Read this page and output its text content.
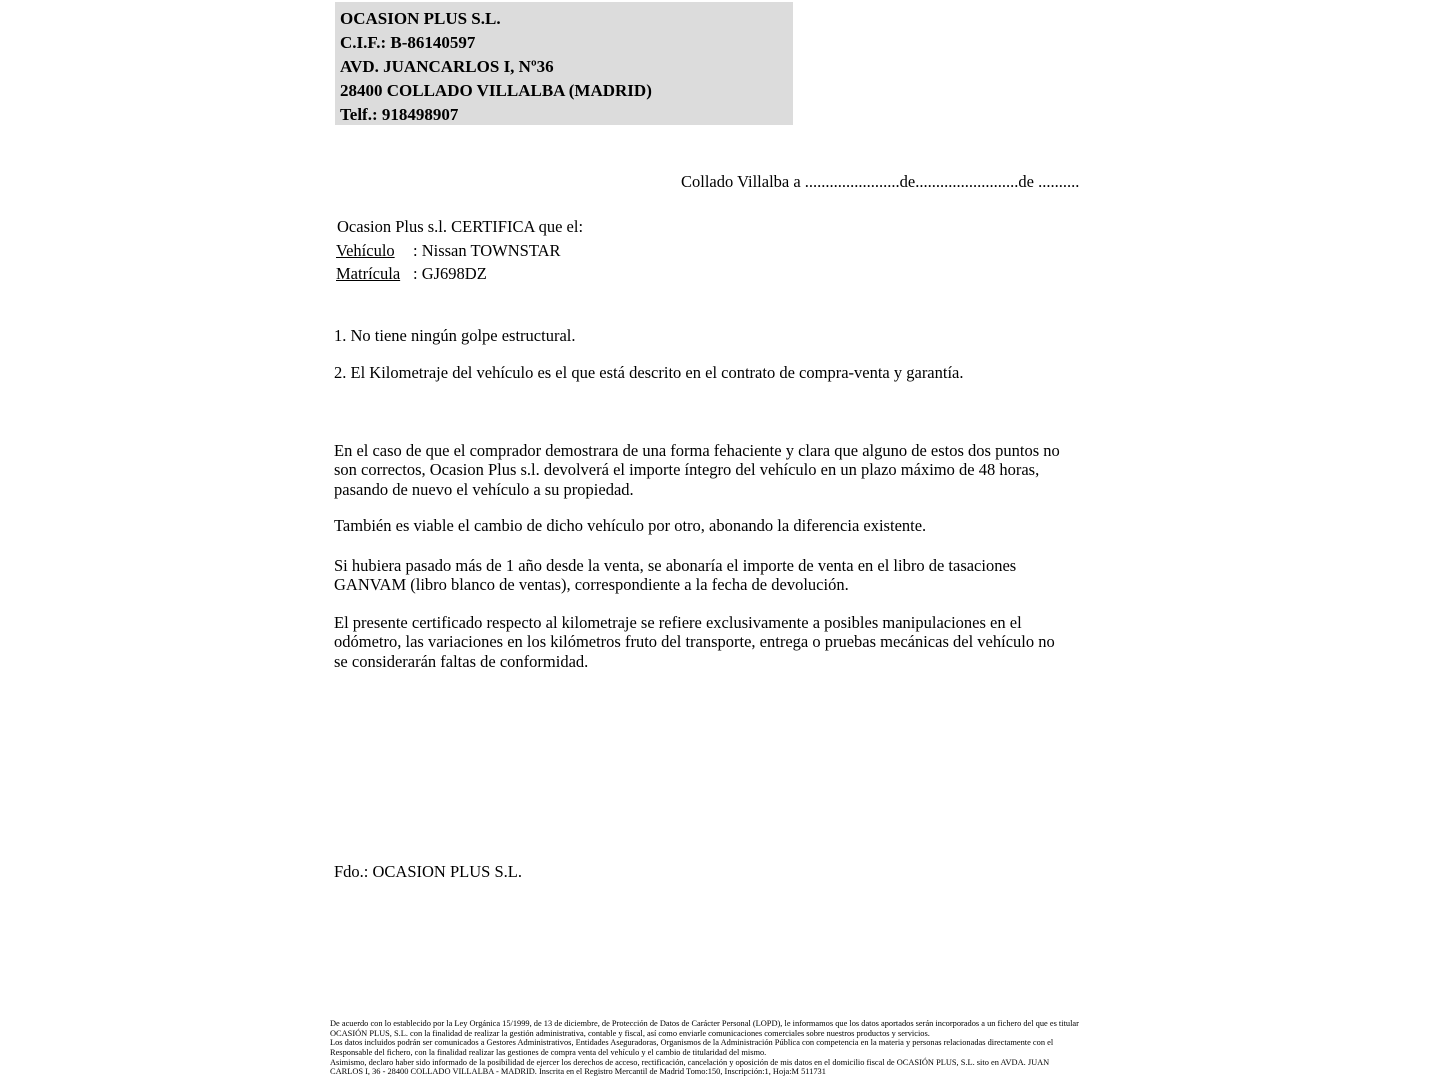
OCASION PLUS S.L.
C.I.F.: B-86140597
AVD. JUANCARLOS I, Nº36
28400 COLLADO VILLALBA (MADRID)
Telf.: 918498907
Collado Villalba a .......................de.........................de ..........
Ocasion Plus s.l. CERTIFICA que el:
Vehículo : Nissan TOWNSTAR
Matrícula : GJ698DZ
1. No tiene ningún golpe estructural.
2. El Kilometraje del vehículo es el que está descrito en el contrato de compra-venta y garantía.
En el caso de que el comprador demostrara de una forma fehaciente y clara que alguno de estos dos puntos no
son correctos, Ocasion Plus s.l. devolverá el importe íntegro del vehículo en un plazo máximo de 48 horas,
pasando de nuevo el vehículo a su propiedad.
También es viable el cambio de dicho vehículo por otro, abonando la diferencia existente.
Si hubiera pasado más de 1 año desde la venta, se abonaría el importe de venta en el libro de tasaciones
GANVAM (libro blanco de ventas), correspondiente a la fecha de devolución.
El presente certificado respecto al kilometraje se refiere exclusivamente a posibles manipulaciones en el
odómetro, las variaciones en los kilómetros fruto del transporte, entrega o pruebas mecánicas del vehículo no
se considerarán faltas de conformidad.
Fdo.: OCASION PLUS S.L.
De acuerdo con lo establecido por la Ley Orgánica 15/1999, de 13 de diciembre, de Protección de Datos de Carácter Personal (LOPD), le informamos que los datos aportados serán incorporados a un fichero del que es titular
OCASIÓN PLUS, S.L. con la finalidad de realizar la gestión administrativa, contable y fiscal, así como enviarle comunicaciones comerciales sobre nuestros productos y servicios.
Los datos incluidos podrán ser comunicados a Gestores Administrativos, Entidades Aseguradoras, Organismos de la Administración Pública con competencia en la materia y personas relacionadas directamente con el
Responsable del fichero, con la finalidad realizar las gestiones de compra venta del vehículo y el cambio de titularidad del mismo.
Asimismo, declaro haber sido informado de la posibilidad de ejercer los derechos de acceso, rectificación, cancelación y oposición de mis datos en el domicilio fiscal de OCASIÓN PLUS, S.L. sito en AVDA. JUAN
CARLOS I, 36 - 28400 COLLADO VILLALBA - MADRID. Inscrita en el Registro Mercantil de Madrid Tomo:150, Inscripción:1, Hoja:M 511731
